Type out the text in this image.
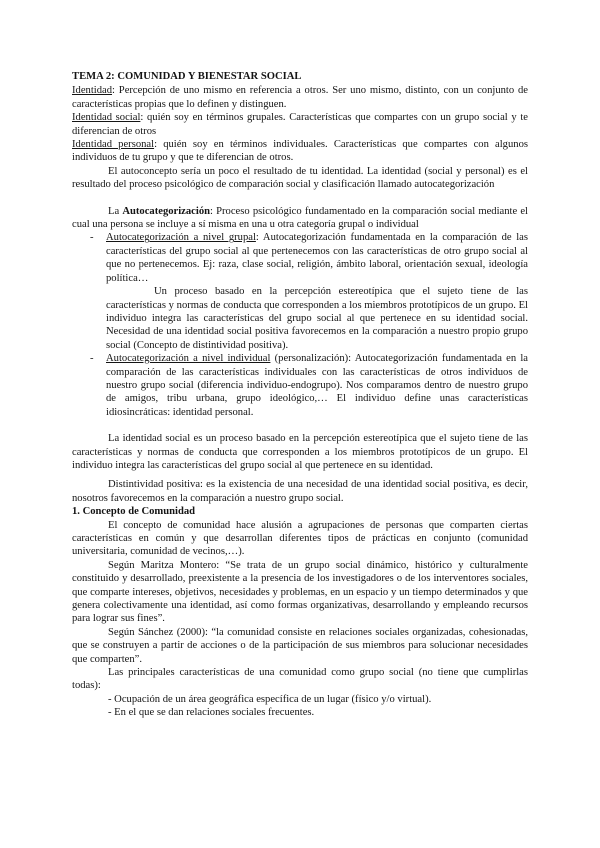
TEMA 2: COMUNIDAD Y BIENESTAR SOCIAL

Identidad: Percepción de uno mismo en referencia a otros. Ser uno mismo, distinto, con un conjunto de características propias que lo definen y distinguen.

Identidad social: quién soy en términos grupales. Características que compartes con un grupo social y te diferencian de otros

Identidad personal: quién soy en términos individuales. Características que compartes con algunos individuos de tu grupo y que te diferencian de otros.

El autoconcepto sería un poco el resultado de tu identidad. La identidad (social y personal) es el resultado del proceso psicológico de comparación social y clasificación llamado autocategorización

La Autocategorización: Proceso psicológico fundamentado en la comparación social mediante el cual una persona se incluye a sí misma en una u otra categoría grupal o individual

- Autocategorización a nivel grupal: Autocategorización fundamentada en la comparación de las características del grupo social al que pertenecemos con las características de otro grupo social al que no pertenecemos. Ej: raza, clase social, religión, ámbito laboral, orientación sexual, ideología política…

Un proceso basado en la percepción estereotípica que el sujeto tiene de las características y normas de conducta que corresponden a los miembros prototípicos de un grupo. El individuo integra las características del grupo social al que pertenece en su identidad social. Necesidad de una identidad social positiva favorecemos en la comparación a nuestro propio grupo social (Concepto de distintividad positiva).

- Autocategorización a nivel individual (personalización): Autocategorización fundamentada en la comparación de las características individuales con las características de otros individuos de nuestro grupo social (diferencia individuo-endogrupo). Nos comparamos dentro de nuestro grupo de amigos, tribu urbana, grupo ideológico,… El individuo define unas características idiosincráticas: identidad personal.

La identidad social es un proceso basado en la percepción estereotípica que el sujeto tiene de las características y normas de conducta que corresponden a los miembros prototípicos de un grupo. El individuo integra las características del grupo social al que pertenece en su identidad.

Distintividad positiva: es la existencia de una necesidad de una identidad social positiva, es decir, nosotros favorecemos en la comparación a nuestro grupo social.

1. Concepto de Comunidad

El concepto de comunidad hace alusión a agrupaciones de personas que comparten ciertas características en común y que desarrollan diferentes tipos de prácticas en conjunto (comunidad universitaria, comunidad de vecinos,…).

Según Maritza Montero: “Se trata de un grupo social dinámico, histórico y culturalmente constituido y desarrollado, preexistente a la presencia de los investigadores o de los interventores sociales, que comparte intereses, objetivos, necesidades y problemas, en un espacio y un tiempo determinados y que genera colectivamente una identidad, así como formas organizativas, desarrollando y empleando recursos para lograr sus fines”.

Según Sánchez (2000): “la comunidad consiste en relaciones sociales organizadas, cohesionadas, que se construyen a partir de acciones o de la participación de sus miembros para solucionar necesidades que comparten”.

Las principales características de una comunidad como grupo social (no tiene que cumplirlas todas):

- Ocupación de un área geográfica específica de un lugar (físico y/o virtual).

- En el que se dan relaciones sociales frecuentes.
